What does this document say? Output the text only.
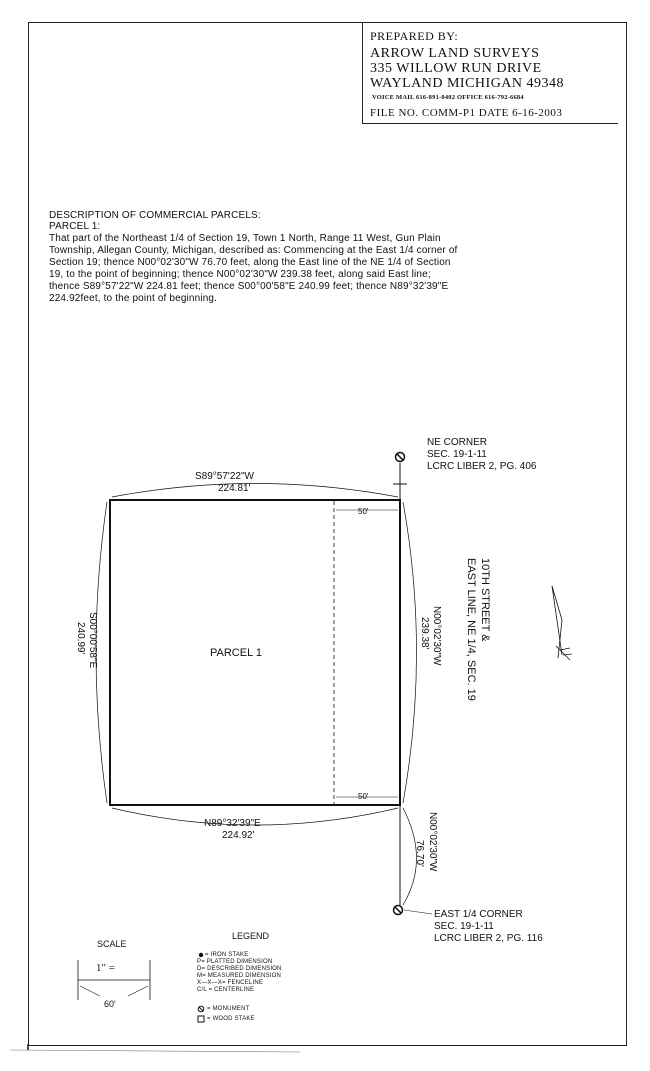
PREPARED BY:
ARROW LAND SURVEYS
335 WILLOW RUN DRIVE
WAYLAND MICHIGAN 49348
VOICE MAIL 616-891-0402 OFFICE 616-792-6684
FILE NO. COMM-P1 DATE 6-16-2003
DESCRIPTION OF COMMERCIAL PARCELS:
PARCEL 1:
That part of the Northeast 1/4 of Section 19, Town 1 North, Range 11 West, Gun Plain
Township, Allegan County, Michigan, described as: Commencing at the East 1/4 corner of
Section 19; thence N00°02'30"W 76.70 feet, along the East line of the NE 1/4 of Section
19, to the point of beginning; thence N00°02'30"W 239.38 feet, along said East line;
thence S89°57'22"W 224.81 feet; thence S00°00'58"E 240.99 feet; thence N89°32'39"E
224.92feet, to the point of beginning.
NE CORNER
SEC. 19-1-11
LCRC LIBER 2, PG. 406
S89°57'22"W
224.81'
50'
50'
PARCEL 1
S00°00'58"E
240.99'	N00°02'30"W
239.38'	10TH STREET &
EAST LINE, NE 1/4, SEC. 19
N89°32'39"E
224.92'	N00°02'30"W
76.70'
EAST 1/4 CORNER
SEC. 19-1-11
LCRC LIBER 2, PG. 116
SCALE
1" =
60'
LEGEND
= IRON STAKE
P= PLATTED DIMENSION
D= DESCRIBED DIMENSION
M= MEASURED DIMENSION
X—X—X= FENCELINE
C/L = CENTERLINE
= MONUMENT
= WOOD STAKE
